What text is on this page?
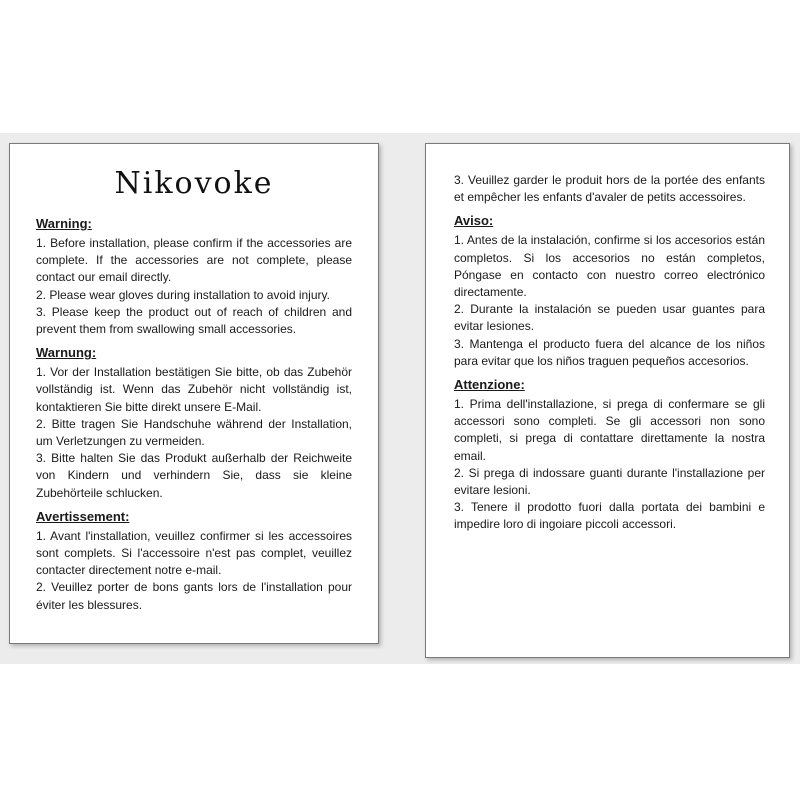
Nikovoke
Warning:

1. Before installation, please confirm if the accessories are complete. If the accessories are not complete, please contact our email directly.

2. Please wear gloves during installation to avoid injury.

3. Please keep the product out of reach of children and prevent them from swallowing small accessories.

Warnung:

1. Vor der Installation bestätigen Sie bitte, ob das Zubehör vollständig ist. Wenn das Zubehör nicht vollständig ist, kontaktieren Sie bitte direkt unsere E-Mail.

2. Bitte tragen Sie Handschuhe während der Installation, um Verletzungen zu vermeiden.

3. Bitte halten Sie das Produkt außerhalb der Reichweite von Kindern und verhindern Sie, dass sie kleine Zubehörteile schlucken.

Avertissement:

1. Avant l'installation, veuillez confirmer si les accessoires sont complets. Si l'accessoire n'est pas complet, veuillez contacter directement notre e-mail.

2. Veuillez porter de bons gants lors de l'installation pour éviter les blessures.

3. Veuillez garder le produit hors de la portée des enfants et empêcher les enfants d'avaler de petits accessoires.

Aviso:

1. Antes de la instalación, confirme si los accesorios están completos. Si los accesorios no están completos, Póngase en contacto con nuestro correo electrónico directamente.

2. Durante la instalación se pueden usar guantes para evitar lesiones.

3. Mantenga el producto fuera del alcance de los niños para evitar que los niños traguen pequeños accesorios.

Attenzione:

1. Prima dell'installazione, si prega di confermare se gli accessori sono completi. Se gli accessori non sono completi, si prega di contattare direttamente la nostra email.

2. Si prega di indossare guanti durante l'installazione per evitare lesioni.

3. Tenere il prodotto fuori dalla portata dei bambini e impedire loro di ingoiare piccoli accessori.
